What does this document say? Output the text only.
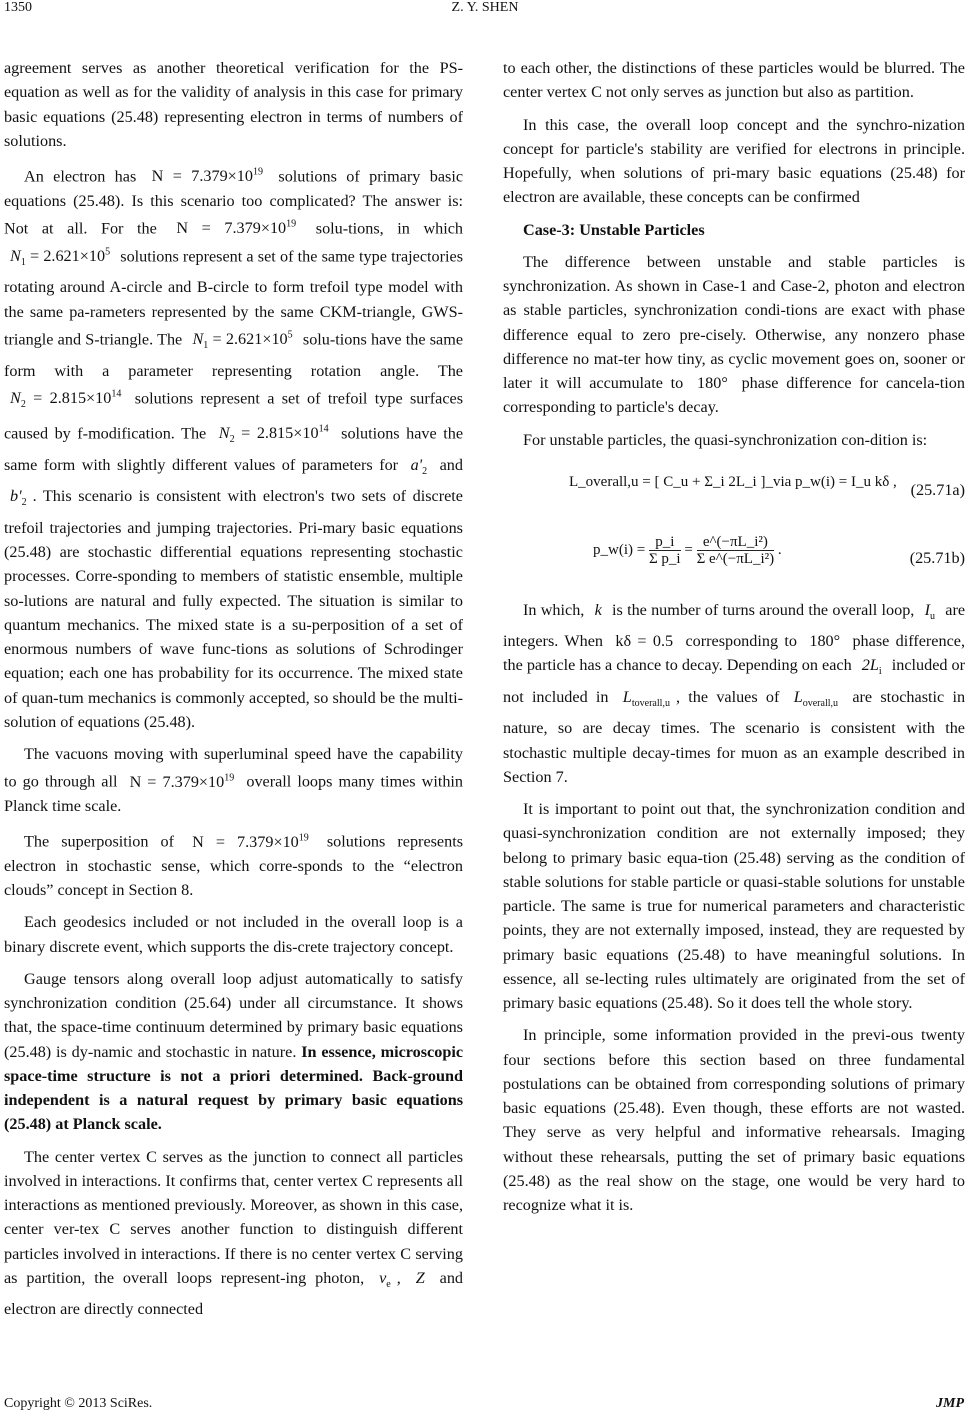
1350	Z. Y. SHEN

agreement serves as another theoretical verification for the PS-equation as well as for the validity of analysis in this case for primary basic equations (25.48) representing electron in terms of numbers of solutions.

An electron has $N = 7.379\times 10^{19}$ solutions of primary basic equations (25.48). Is this scenario too complicated? The answer is: Not at all. For the $N = 7.379\times 10^{19}$ solu-tions, in which $N_1 = 2.621\times 10^5$ solutions represent a set of the same type trajectories rotating around A-circle and B-circle to form trefoil type model with the same pa-rameters represented by the same CKM-triangle, GWS-triangle and S-triangle. The $N_1 = 2.621\times 10^5$ solu-tions have the same form with a parameter representing rotation angle. The $N_2 = 2.815\times 10^{14}$ solutions represent a set of trefoil type surfaces caused by f-modification. The $N_2 = 2.815\times 10^{14}$ solutions have the same form with slightly different values of parameters for $a'_2$ and $b'_2$ . This scenario is consistent with electron's two sets of discrete trefoil trajectories and jumping trajectories. Pri-mary basic equations (25.48) are stochastic differential equations representing stochastic processes. Corre-sponding to members of statistic ensemble, multiple so-lutions are natural and fully expected. The situation is similar to quantum mechanics. The mixed state is a su-perposition of a set of enormous numbers of wave func-tions as solutions of Schrodinger equation; each one has probability for its occurrence. The mixed state of quan-tum mechanics is commonly accepted, so should be the multi-solution of equations (25.48).

The vacuons moving with superluminal speed have the capability to go through all $N = 7.379\times 10^{19}$ overall loops many times within Planck time scale.

The superposition of $N = 7.379\times 10^{19}$ solutions represents electron in stochastic sense, which corre-sponds to the “electron clouds” concept in Section 8.

Each geodesics included or not included in the overall loop is a binary discrete event, which supports the dis-crete trajectory concept.

Gauge tensors along overall loop adjust automatically to satisfy synchronization condition (25.64) under all circumstance. It shows that, the space-time continuum determined by primary basic equations (25.48) is dy-namic and stochastic in nature. In essence, microscopic space-time structure is not a priori determined. Back-ground independent is a natural request by primary basic equations (25.48) at Planck scale.

The center vertex C serves as the junction to connect all particles involved in interactions. It confirms that, center vertex C represents all interactions as mentioned previously. Moreover, as shown in this case, center ver-tex C serves another function to distinguish different particles involved in interactions. If there is no center vertex C serving as partition, the overall loops represent-ing photon, $\nu_e$ , Z and electron are directly connected

to each other, the distinctions of these particles would be blurred. The center vertex C not only serves as junction but also as partition.

In this case, the overall loop concept and the synchro-nization concept for particle's stability are verified for electrons in principle. Hopefully, when solutions of pri-mary basic equations (25.48) for electron are available, these concepts can be confirmed

Case-3: Unstable Particles

The difference between unstable and stable particles is synchronization. As shown in Case-1 and Case-2, photon and electron as stable particles, synchronization condi-tions are exact with phase difference equal to zero pre-cisely. Otherwise, any nonzero phase difference no mat-ter how tiny, as cyclic movement goes on, sooner or later it will accumulate to 180° phase difference for cancela-tion corresponding to particle's decay.

For unstable particles, the quasi-synchronization con-dition is:

L_overall,u = [ C_u + Σ_i 2L_i ]_via p_w(i) = I_u kδ , (25.71a)
p_w(i) = $\frac{p\_i}{\text{Σ p\_i}} = \frac{\text{e\textasciicircum{}(−πL\_i²)}}{\text{Σ e\textasciicircum{}(−πL\_i²)}}$ .	(25.71b)

In which, k is the number of turns around the overall loop, $I_u$ are integers. When kδ = 0.5 corresponding to 180° phase difference, the particle has a chance to decay. Depending on each $2L_i$ included or not included in $L_{toverall,u}$ , the values of $L_{overall,u}$ are stochastic in nature, so are decay times. The scenario is consistent with the stochastic multiple decay-times for muon as an example described in Section 7.

It is important to point out that, the synchronization condition and quasi-synchronization condition are not externally imposed; they belong to primary basic equa-tion (25.48) serving as the condition of stable solutions for stable particle or quasi-stable solutions for unstable particle. The same is true for numerical parameters and characteristic points, they are not externally imposed, instead, they are requested by primary basic equations (25.48) to have meaningful solutions. In essence, all se-lecting rules ultimately are originated from the set of primary basic equations (25.48). So it does tell the whole story.

In principle, some information provided in the previ-ous twenty four sections before this section based on three fundamental postulations can be obtained from corresponding solutions of primary basic equations (25.48). Even though, these efforts are not wasted. They serve as very helpful and informative rehearsals. Imaging without these rehearsals, putting the set of primary basic equations (25.48) as the real show on the stage, one would be very hard to recognize what it is.

Copyright © 2013 SciRes.	JMP
